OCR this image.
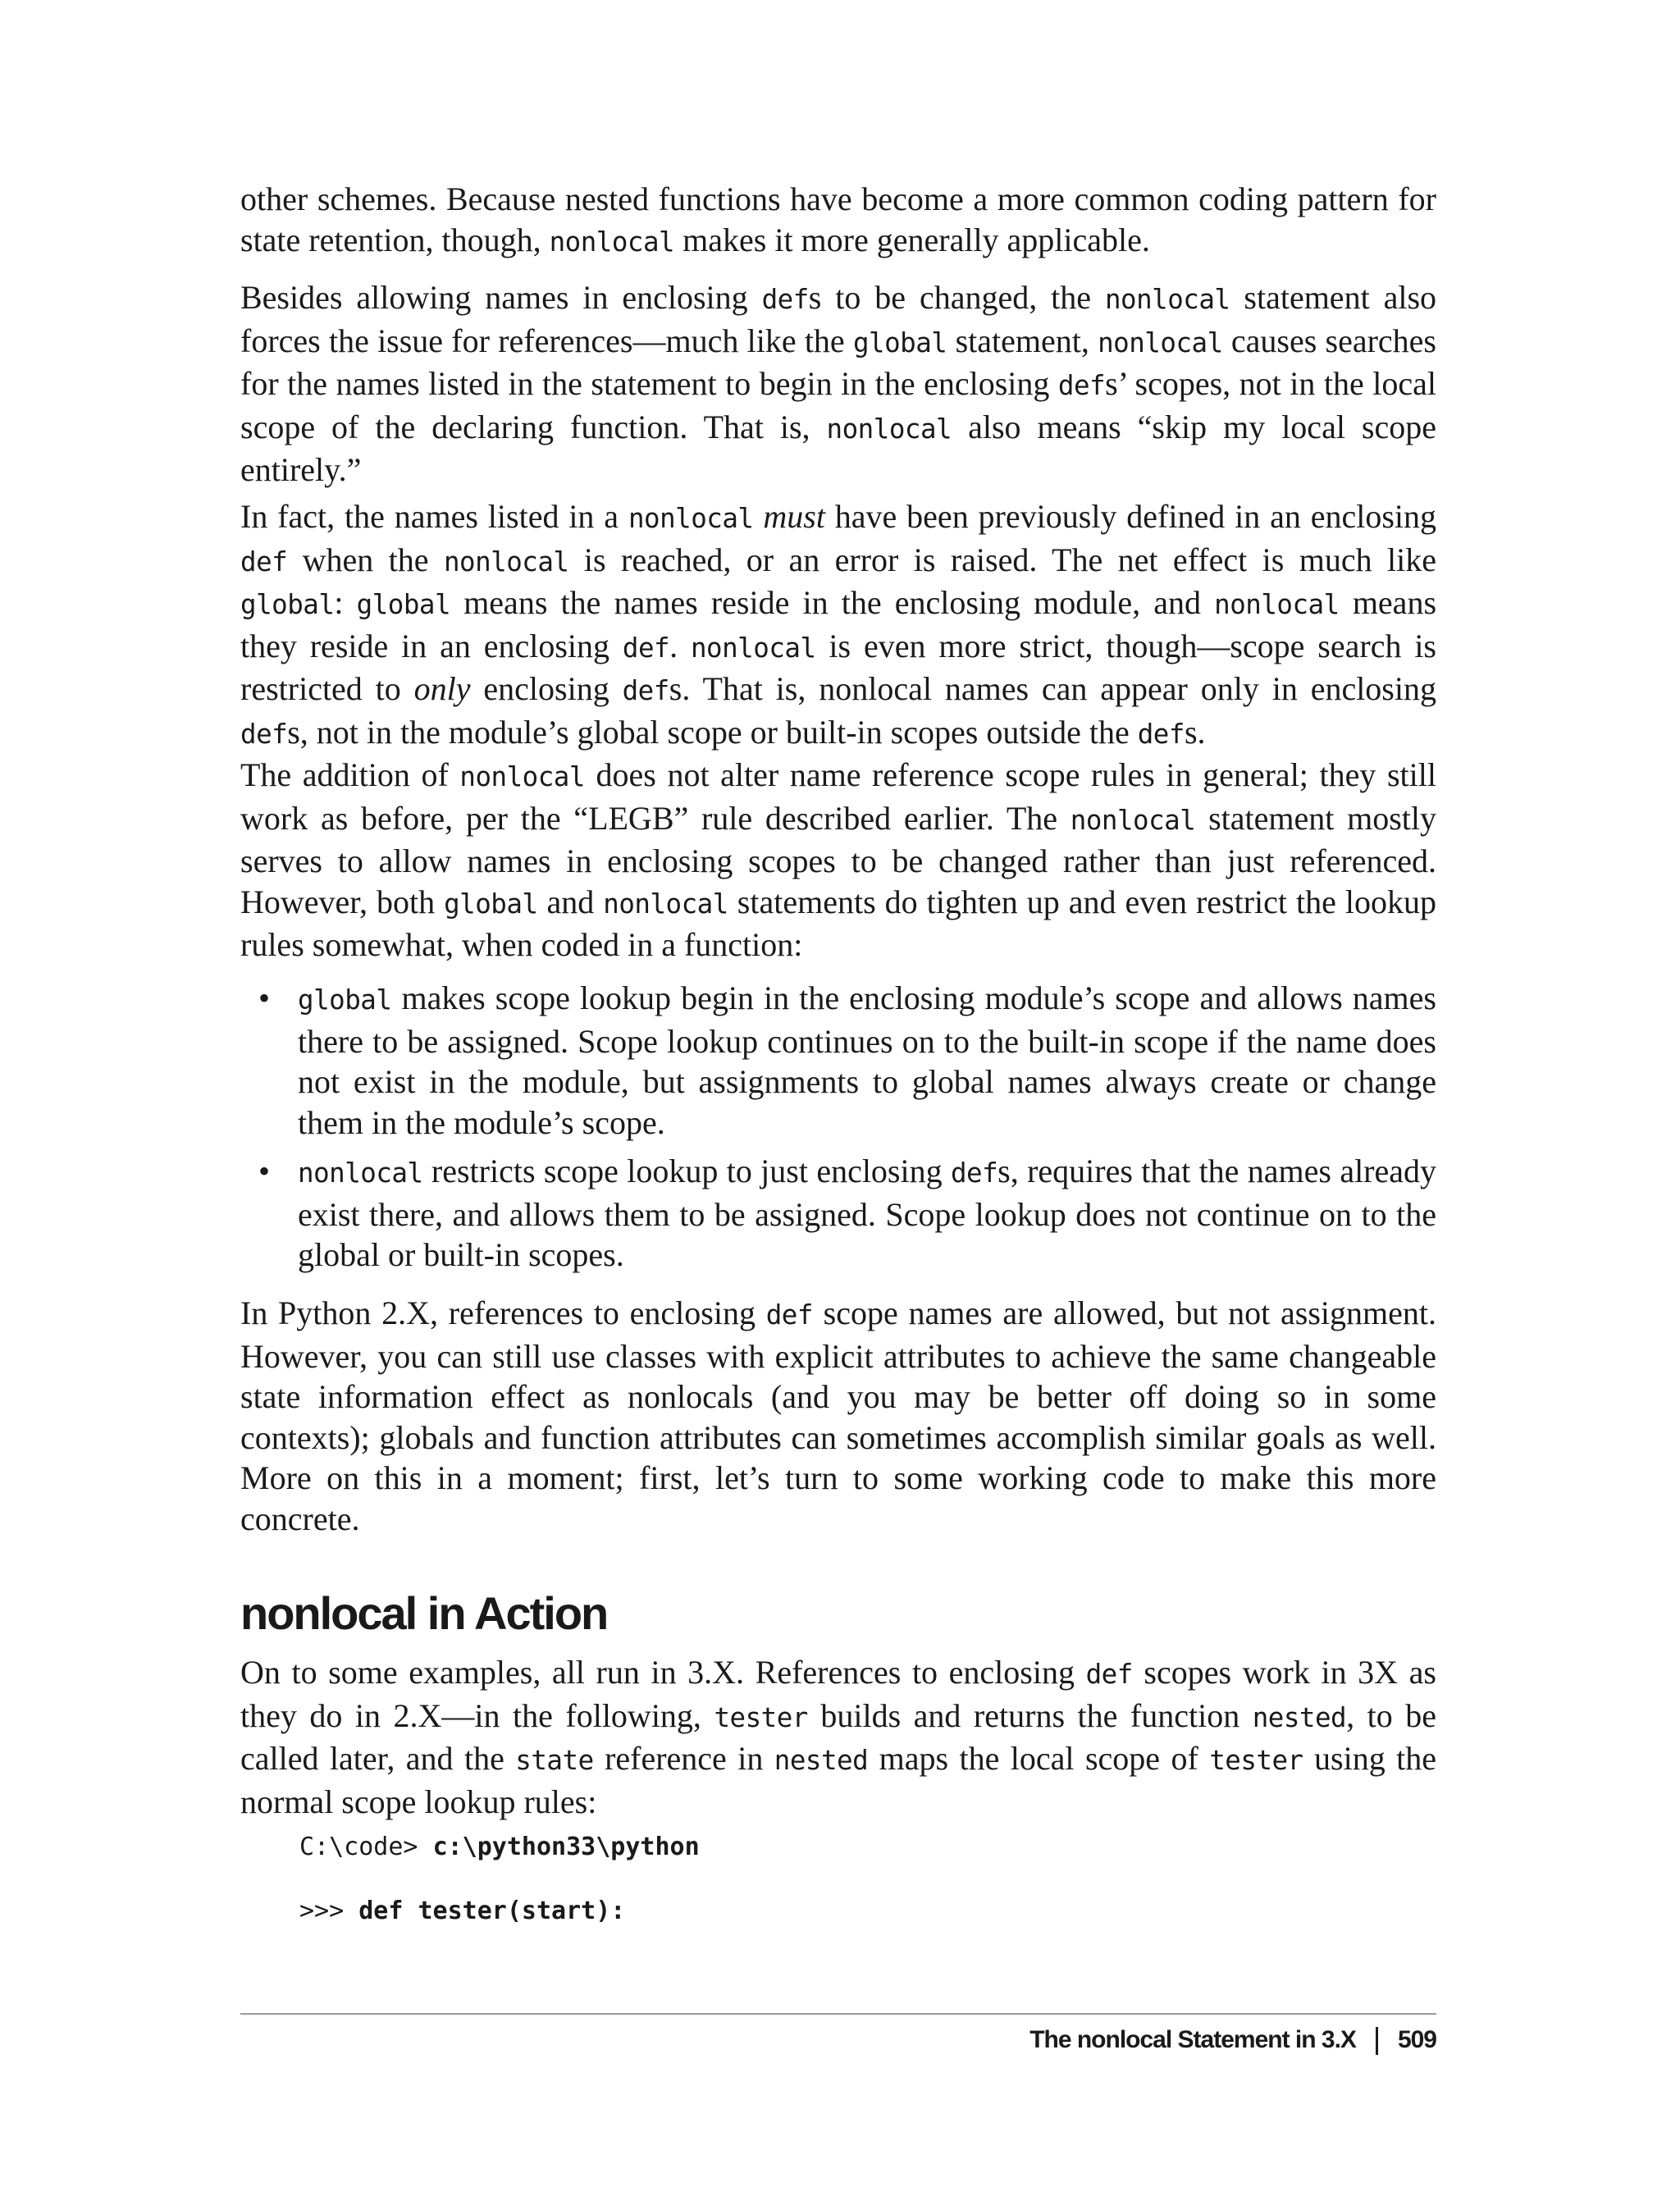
other schemes. Because nested functions have become a more common coding pattern for state retention, though, nonlocal makes it more generally applicable.

Besides allowing names in enclosing defs to be changed, the nonlocal statement also forces the issue for references—much like the global statement, nonlocal causes searches for the names listed in the statement to begin in the enclosing defs’ scopes, not in the local scope of the declaring function. That is, nonlocal also means “skip my local scope entirely.”

In fact, the names listed in a nonlocal must have been previously defined in an enclosing def when the nonlocal is reached, or an error is raised. The net effect is much like global: global means the names reside in the enclosing module, and nonlocal means they reside in an enclosing def. nonlocal is even more strict, though—scope search is restricted to only enclosing defs. That is, nonlocal names can appear only in enclosing defs, not in the module’s global scope or built-in scopes outside the defs.

The addition of nonlocal does not alter name reference scope rules in general; they still work as before, per the “LEGB” rule described earlier. The nonlocal statement mostly serves to allow names in enclosing scopes to be changed rather than just referenced. However, both global and nonlocal statements do tighten up and even restrict the lookup rules somewhat, when coded in a function:

• global makes scope lookup begin in the enclosing module’s scope and allows names there to be assigned. Scope lookup continues on to the built-in scope if the name does not exist in the module, but assignments to global names always create or change them in the module’s scope.
• nonlocal restricts scope lookup to just enclosing defs, requires that the names already exist there, and allows them to be assigned. Scope lookup does not continue on to the global or built-in scopes.

In Python 2.X, references to enclosing def scope names are allowed, but not assignment. However, you can still use classes with explicit attributes to achieve the same changeable state information effect as nonlocals (and you may be better off doing so in some contexts); globals and function attributes can sometimes accomplish similar goals as well. More on this in a moment; first, let’s turn to some working code to make this more concrete.

nonlocal in Action

On to some examples, all run in 3.X. References to enclosing def scopes work in 3X as they do in 2.X—in the following, tester builds and returns the function nested, to be called later, and the state reference in nested maps the local scope of tester using the normal scope lookup rules:

C:\code> c:\python33\python
>>> def tester(start):
The nonlocal Statement in 3.X 509
